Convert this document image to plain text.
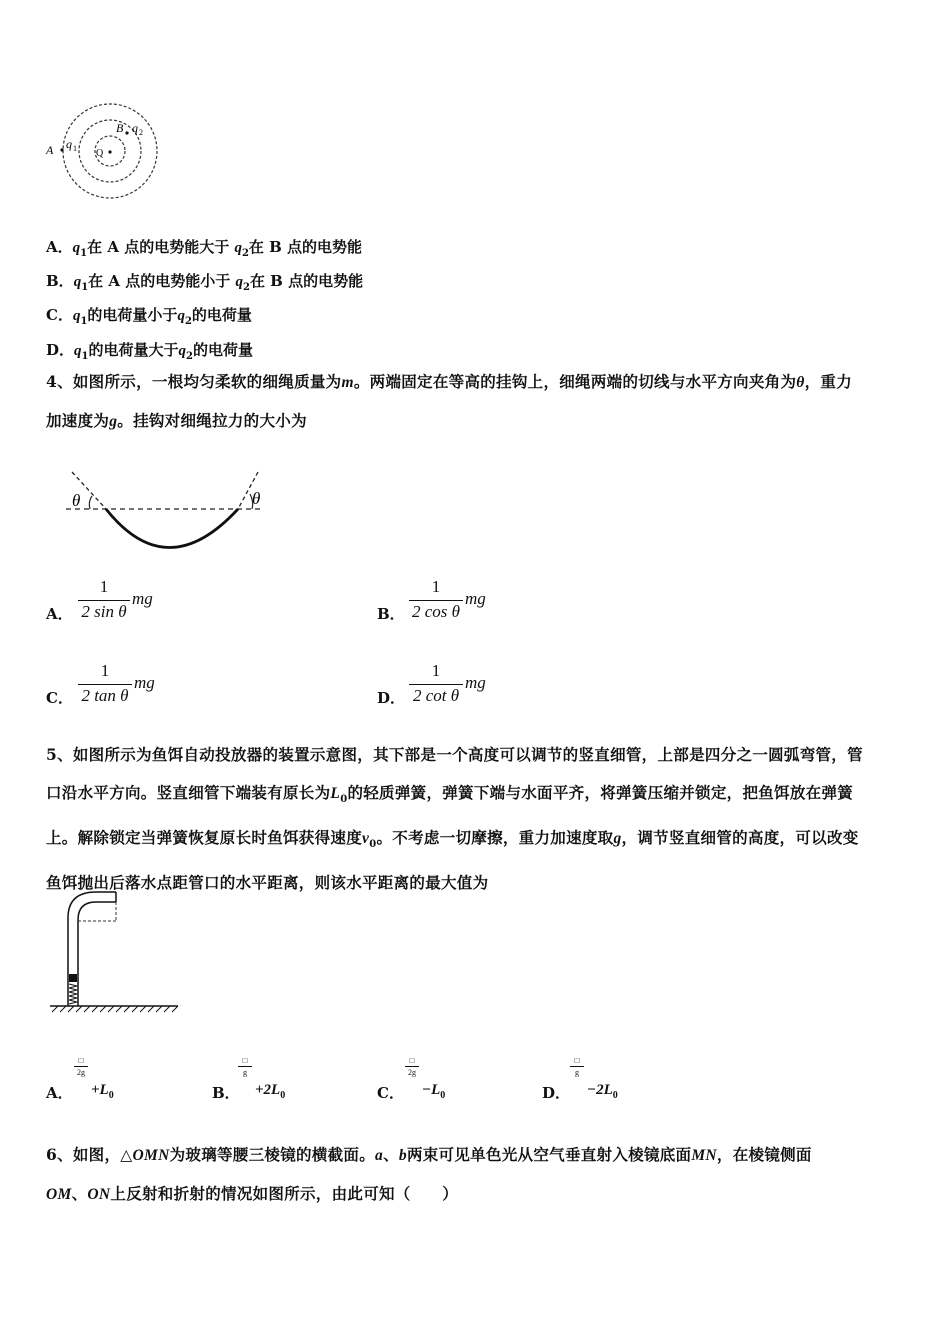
A q 1
B q 2
Q
A．$q_1$在 A 点的电势能大于 $q_2$在 B 点的电势能
B．$q_1$在 A 点的电势能小于 $q_2$在 B 点的电势能
C．$q_1$的电荷量小于$q_2$的电荷量
D．$q_1$的电荷量大于$q_2$的电荷量
4、如图所示，一根均匀柔软的细绳质量为m。两端固定在等高的挂钩上，细绳两端的切线与水平方向夹角为θ，重力
加速度为g。挂钩对细绳拉力的大小为
θ	θ
A．
1
2 sin θ
mg
B．
1
2 cos θ
mg
C．
1
2 tan θ
mg
D．
1
2 cot θ
mg
5、如图所示为鱼饵自动投放器的装置示意图，其下部是一个高度可以调节的竖直细管，上部是四分之一圆弧弯管，管
口沿水平方向。竖直细管下端装有原长为$L_0$的轻质弹簧，弹簧下端与水面平齐，将弹簧压缩并锁定，把鱼饵放在弹簧
上。解除锁定当弹簧恢复原长时鱼饵获得速度$v_0$。不考虑一切摩擦，重力加速度取g，调节竖直细管的高度，可以改变
鱼饵抛出后落水点距管口的水平距离，则该水平距离的最大值为
A．
□
2g
$+L_0$	B．
□
g
$+2L_0$	C．
□
2g
$-L_0$	D．
□
g
$-2L_0$
6、如图，△OMN为玻璃等腰三棱镜的横截面。a、b两束可见单色光从空气垂直射入棱镜底面MN，在棱镜侧面
OM、ON上反射和折射的情况如图所示，由此可知（　　）
